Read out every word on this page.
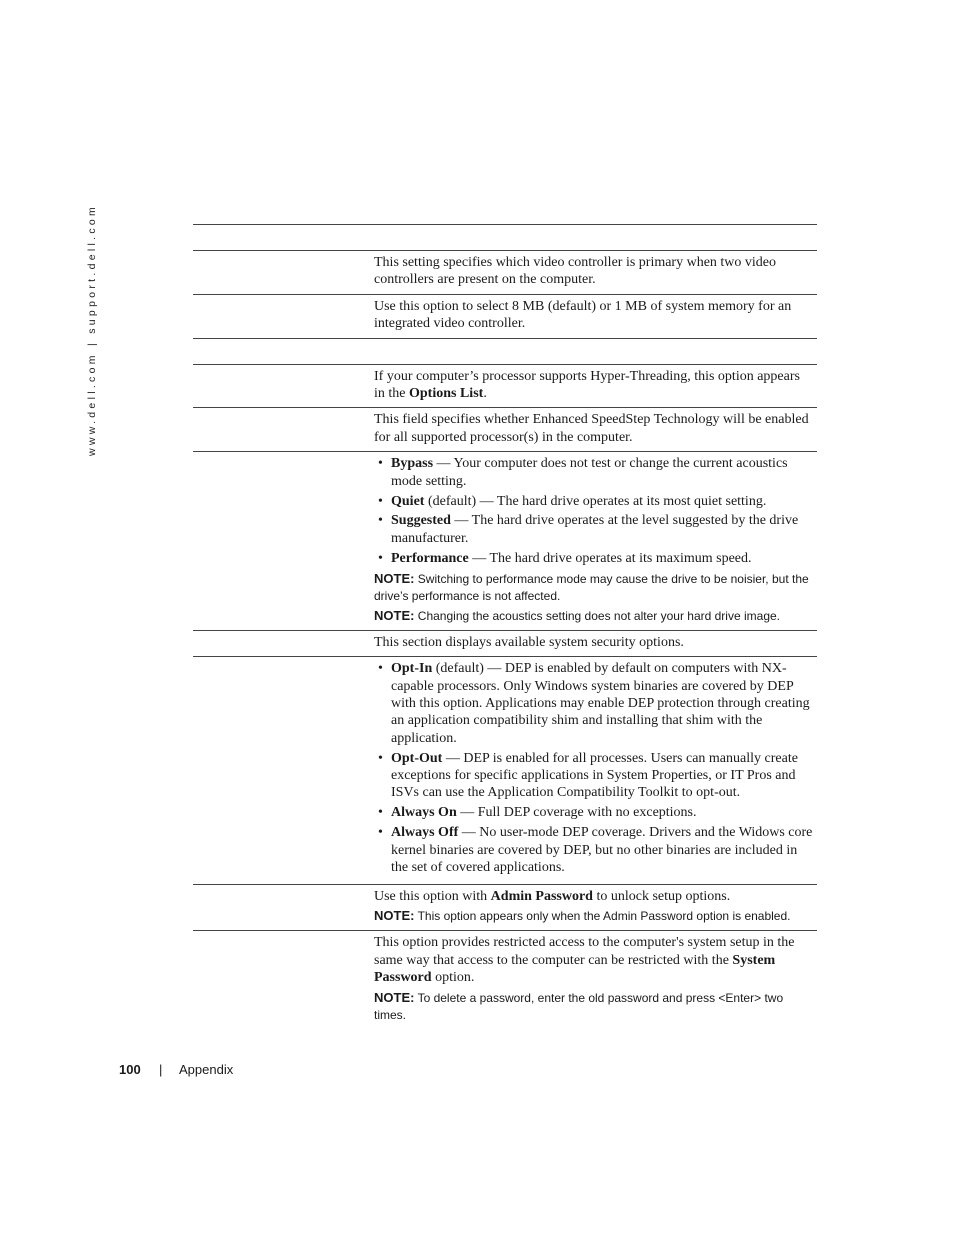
www.dell.com | support.dell.com	This setting specifies which video controller is primary when two video controllers are present on the computer.

Use this option to select 8 MB (default) or 1 MB of system memory for an integrated video controller.

If your computer’s processor supports Hyper-Threading, this option appears in the Options List.

This field specifies whether Enhanced SpeedStep Technology will be enabled for all supported processor(s) in the computer.

• Bypass — Your computer does not test or change the current acoustics mode setting.
• Quiet (default) — The hard drive operates at its most quiet setting.
• Suggested — The hard drive operates at the level suggested by the drive manufacturer.
• Performance — The hard drive operates at its maximum speed.

NOTE: Switching to performance mode may cause the drive to be noisier, but the drive’s performance is not affected.

NOTE: Changing the acoustics setting does not alter your hard drive image.

This section displays available system security options.

• Opt-In (default) — DEP is enabled by default on computers with NX-capable processors. Only Windows system binaries are covered by DEP with this option. Applications may enable DEP protection through creating an application compatibility shim and installing that shim with the application.
• Opt-Out — DEP is enabled for all processes. Users can manually create exceptions for specific applications in System Properties, or IT Pros and ISVs can use the Application Compatibility Toolkit to opt-out.
• Always On — Full DEP coverage with no exceptions.
• Always Off — No user-mode DEP coverage. Drivers and the Widows core kernel binaries are covered by DEP, but no other binaries are included in the set of covered applications.

Use this option with Admin Password to unlock setup options.

NOTE: This option appears only when the Admin Password option is enabled.

This option provides restricted access to the computer's system setup in the same way that access to the computer can be restricted with the System Password option.

NOTE: To delete a password, enter the old password and press <Enter> two times.

100 | Appendix
